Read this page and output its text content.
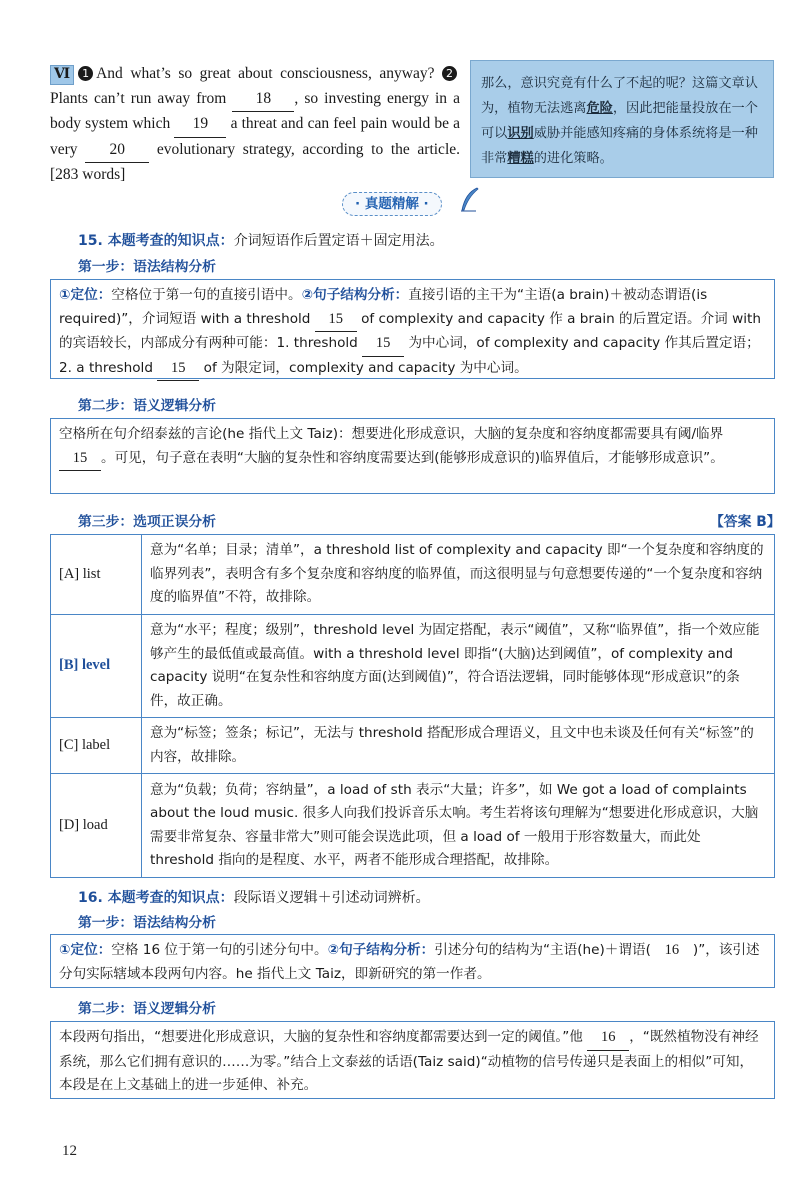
Ⅵ 1 And what’s so great about consciousness, anyway? 2Plants can’t run away from 18 , so investing energy in a body system which 19 a threat and can feel pain would be a very 20 evolutionary strategy, according to the article. [283 words]
那么，意识究竟有什么了不起的呢？这篇文章认为，植物无法逃离危险，因此把能量投放在一个可以识别威胁并能感知疼痛的身体系统将是一种非常糟糕的进化策略。
· 真题精解 ·
15. 本题考查的知识点：介词短语作后置定语＋固定用法。
第一步：语法结构分析
①定位：空格位于第一句的直接引语中。②句子结构分析：直接引语的主干为“主语(a brain)＋被动态谓语(is required)”，介词短语 with a threshold 15 of complexity and capacity 作 a brain 的后置定语。介词 with 的宾语较长，内部成分有两种可能：1. threshold 15 为中心词，of complexity and capacity 作其后置定语；2. a threshold 15 of 为限定词，complexity and capacity 为中心词。
第二步：语义逻辑分析
空格所在句介绍泰兹的言论(he 指代上文 Taiz)：想要进化形成意识，大脑的复杂度和容纳度都需要具有阈/临界 15 。可见，句子意在表明“大脑的复杂性和容纳度需要达到(能够形成意识的)临界值后，才能够形成意识”。
第三步：选项正误分析	【答案 B】
[A] list	意为“名单；目录；清单”，a threshold list of complexity and capacity 即“一个复杂度和容纳度的临界列表”，表明含有多个复杂度和容纳度的临界值，而这很明显与句意想要传递的“一个复杂度和容纳度的临界值”不符，故排除。
[B] level	意为“水平；程度；级别”，threshold level 为固定搭配，表示“阈值”，又称“临界值”，指一个效应能够产生的最低值或最高值。with a threshold level 即指“(大脑)达到阈值”，of complexity and capacity 说明“在复杂性和容纳度方面(达到阈值)”，符合语法逻辑，同时能够体现“形成意识”的条件，故正确。
[C] label	意为“标签；签条；标记”，无法与 threshold 搭配形成合理语义，且文中也未谈及任何有关“标签”的内容，故排除。
[D] load	意为“负载；负荷；容纳量”，a load of sth 表示“大量；许多”，如 We got a load of complaints about the loud music. 很多人向我们投诉音乐太响。考生若将该句理解为“想要进化形成意识，大脑需要非常复杂、容量非常大”则可能会误选此项，但 a load of 一般用于形容数量大，而此处 threshold 指向的是程度、水平，两者不能形成合理搭配，故排除。
16. 本题考查的知识点：段际语义逻辑＋引述动词辨析。
第一步：语法结构分析
①定位：空格 16 位于第一句的引述分句中。②句子结构分析：引述分句的结构为“主语(he)＋谓语( 16 )”，该引述分句实际辖域本段两句内容。he 指代上文 Taiz，即新研究的第一作者。
第二步：语义逻辑分析
本段两句指出，“想要进化形成意识，大脑的复杂性和容纳度都需要达到一定的阈值。”他 16 ，“既然植物没有神经系统，那么它们拥有意识的……为零。”结合上文泰兹的话语(Taiz said)“动植物的信号传递只是表面上的相似”可知，本段是在上文基础上的进一步延伸、补充。
12
